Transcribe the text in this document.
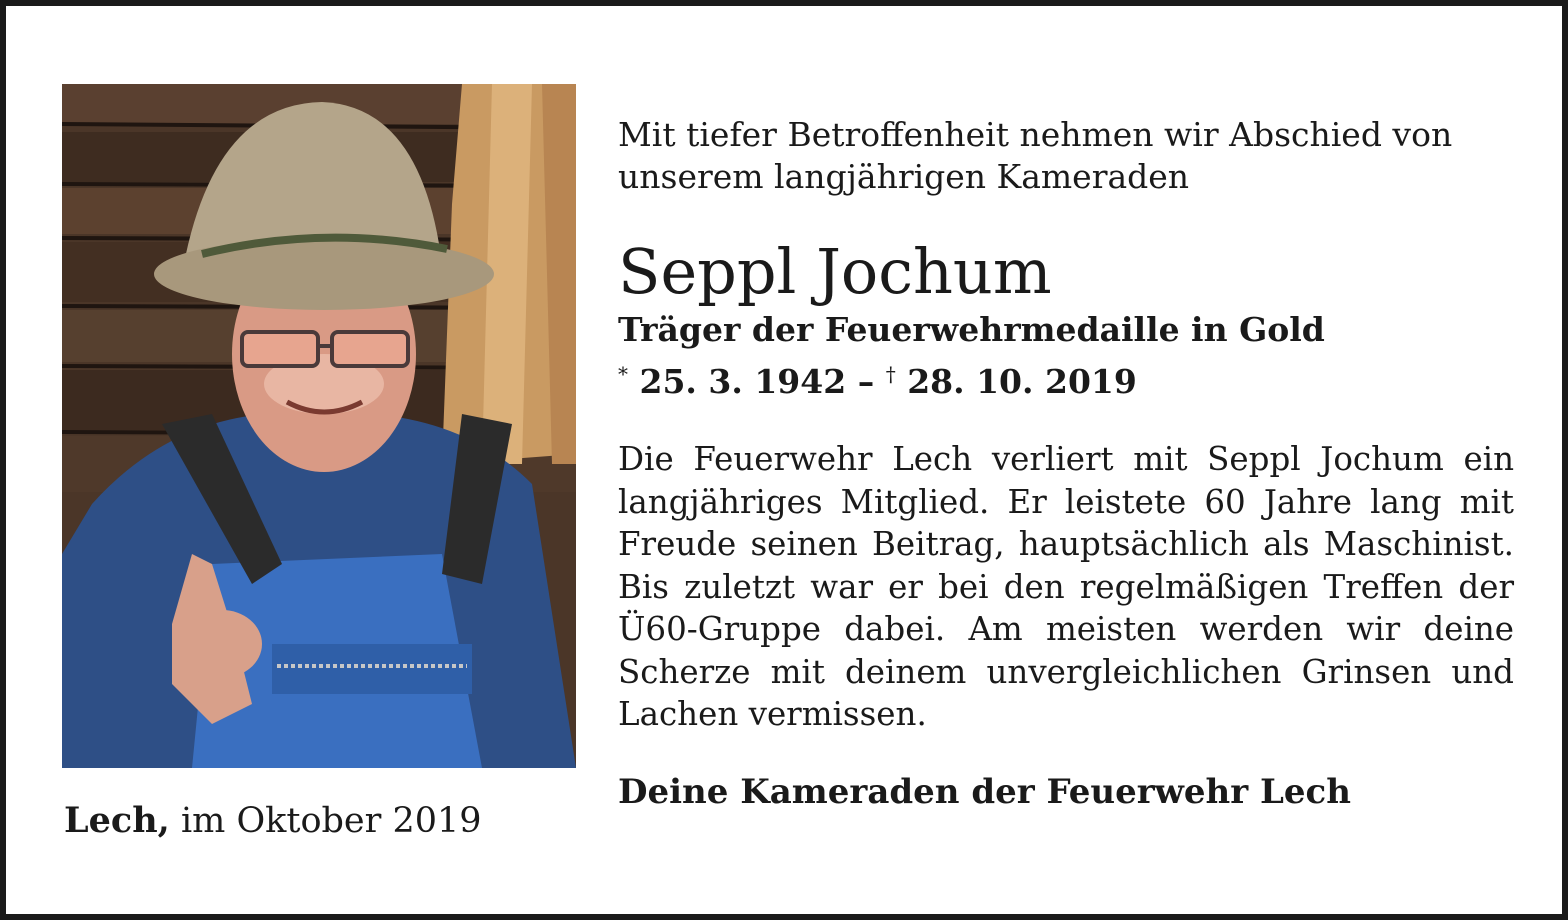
Lech, im Oktober 2019
Mit tiefer Betroffenheit nehmen wir Abschied von unserem langjährigen Kameraden
Seppl Jochum
Träger der Feuerwehrmedaille in Gold
* 25. 3. 1942 – † 28. 10. 2019
Die Feuerwehr Lech verliert mit Seppl Jochum ein langjähriges Mitglied. Er leistete 60 Jahre lang mit Freude seinen Beitrag, hauptsächlich als Maschinist. Bis zuletzt war er bei den regelmäßigen Treffen der Ü60-Gruppe dabei. Am meisten werden wir deine Scherze mit deinem unvergleichlichen Grinsen und Lachen vermissen.
Deine Kameraden der Feuerwehr Lech
